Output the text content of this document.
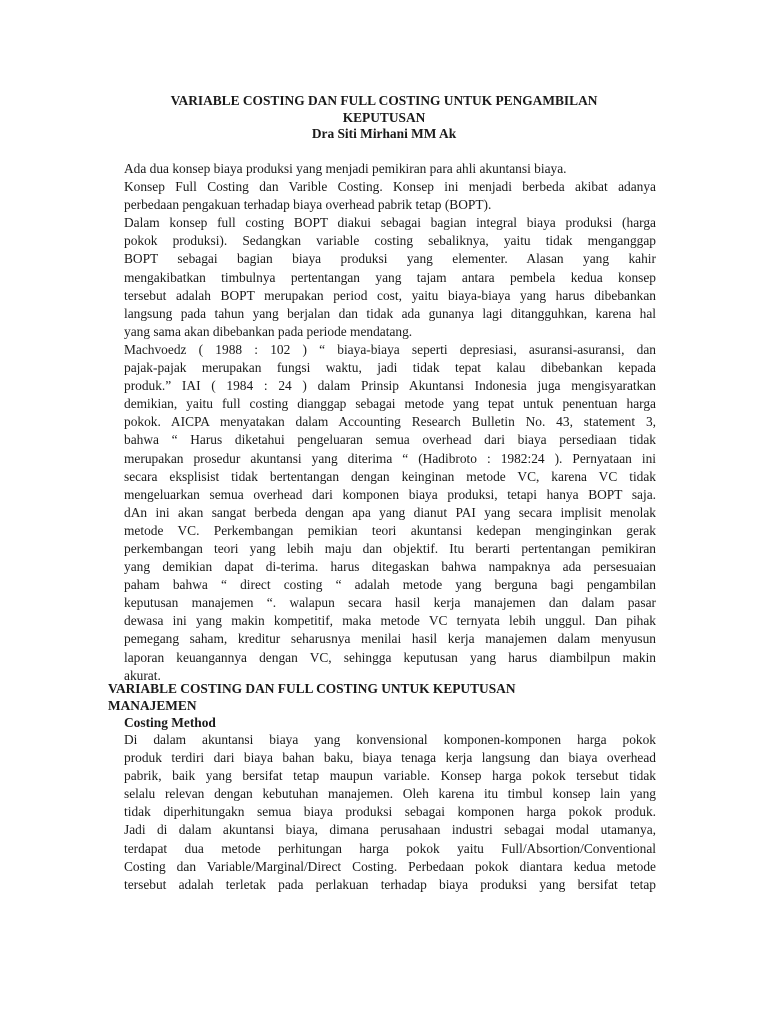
VARIABLE COSTING DAN FULL COSTING UNTUK PENGAMBILAN
KEPUTUSAN
Dra Siti Mirhani MM Ak
Ada dua konsep biaya produksi yang menjadi pemikiran para ahli akuntansi biaya.
Konsep Full Costing dan Varible Costing. Konsep ini menjadi berbeda akibat adanya
perbedaan pengakuan terhadap biaya overhead pabrik tetap (BOPT).
Dalam konsep full costing BOPT diakui sebagai bagian integral biaya produksi (harga
pokok produksi). Sedangkan variable costing sebaliknya, yaitu tidak menganggap
BOPT sebagai bagian biaya produksi yang elementer. Alasan yang kahir
mengakibatkan timbulnya pertentangan yang tajam antara pembela kedua konsep
tersebut adalah BOPT merupakan period cost, yaitu biaya-biaya yang harus dibebankan
langsung pada tahun yang berjalan dan tidak ada gunanya lagi ditangguhkan, karena hal
yang sama akan dibebankan pada periode mendatang.
Machvoedz ( 1988 : 102 ) “ biaya-biaya seperti depresiasi, asuransi-asuransi, dan
pajak-pajak merupakan fungsi waktu, jadi tidak tepat kalau dibebankan kepada
produk.” IAI ( 1984 : 24 ) dalam Prinsip Akuntansi Indonesia juga mengisyaratkan
demikian, yaitu full costing dianggap sebagai metode yang tepat untuk penentuan harga
pokok. AICPA menyatakan dalam Accounting Research Bulletin No. 43, statement 3,
bahwa “ Harus diketahui pengeluaran semua overhead dari biaya persediaan tidak
merupakan prosedur akuntansi yang diterima “ (Hadibroto : 1982:24 ). Pernyataan ini
secara eksplisist tidak bertentangan dengan keinginan metode VC, karena VC tidak
mengeluarkan semua overhead dari komponen biaya produksi, tetapi hanya BOPT saja.
dAn ini akan sangat berbeda dengan apa yang dianut PAI yang secara implisit menolak
metode VC. Perkembangan pemikian teori akuntansi kedepan menginginkan gerak
perkembangan teori yang lebih maju dan objektif. Itu berarti pertentangan pemikiran
yang demikian dapat di-terima. harus ditegaskan bahwa nampaknya ada persesuaian
paham bahwa “ direct costing “ adalah metode yang berguna bagi pengambilan
keputusan manajemen “. walapun secara hasil kerja manajemen dan dalam pasar
dewasa ini yang makin kompetitif, maka metode VC ternyata lebih unggul. Dan pihak
pemegang saham, kreditur seharusnya menilai hasil kerja manajemen dalam menyusun
laporan keuangannya dengan VC, sehingga keputusan yang harus diambilpun makin
akurat.
VARIABLE COSTING DAN FULL COSTING UNTUK KEPUTUSAN
MANAJEMEN
Costing Method
Di dalam akuntansi biaya yang konvensional komponen-komponen harga pokok
produk terdiri dari biaya bahan baku, biaya tenaga kerja langsung dan biaya overhead
pabrik, baik yang bersifat tetap maupun variable. Konsep harga pokok tersebut tidak
selalu relevan dengan kebutuhan manajemen. Oleh karena itu timbul konsep lain yang
tidak diperhitungakn semua biaya produksi sebagai komponen harga pokok produk.
Jadi di dalam akuntansi biaya, dimana perusahaan industri sebagai modal utamanya,
terdapat dua metode perhitungan harga pokok yaitu Full/Absortion/Conventional
Costing dan Variable/Marginal/Direct Costing. Perbedaan pokok diantara kedua metode
tersebut adalah terletak pada perlakuan terhadap biaya produksi yang bersifat tetap
